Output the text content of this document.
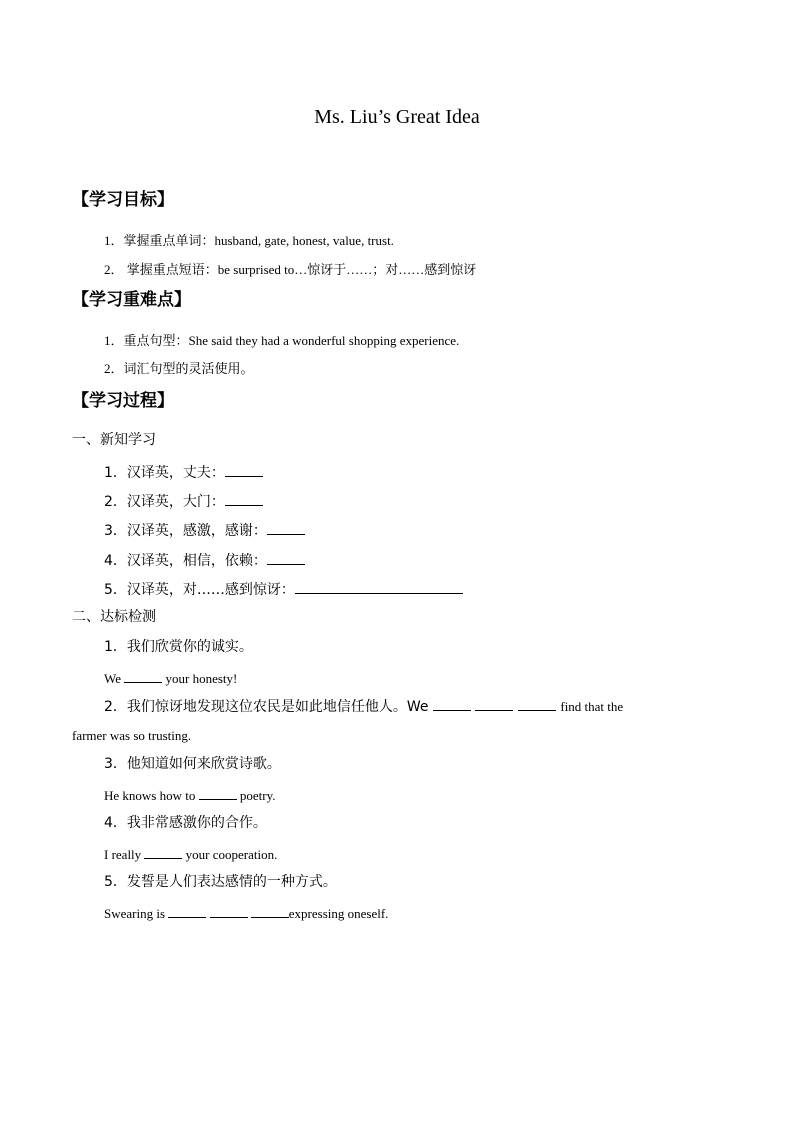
Ms. Liu’s Great Idea
【学习目标】
1．掌握重点单词：husband, gate, honest, value, trust.
2． 掌握重点短语：be surprised to…惊讶于……；对……感到惊讶
【学习重难点】
1．重点句型：She said they had a wonderful shopping experience.
2．词汇句型的灵活使用。
【学习过程】
一、新知学习
1．汉译英，丈夫：
2．汉译英，大门：
3．汉译英，感激，感谢：
4．汉译英，相信，依赖：
5．汉译英，对……感到惊讶：
二、达标检测
1．我们欣赏你的诚实。
We	your honesty!
2．我们惊讶地发现这位农民是如此地信任他人。We	find that the
farmer was so trusting.
3．他知道如何来欣赏诗歌。
He knows how to	poetry.
4．我非常感激你的合作。
I really	your cooperation.
5．发誓是人们表达感情的一种方式。
Swearing is	expressing oneself.
